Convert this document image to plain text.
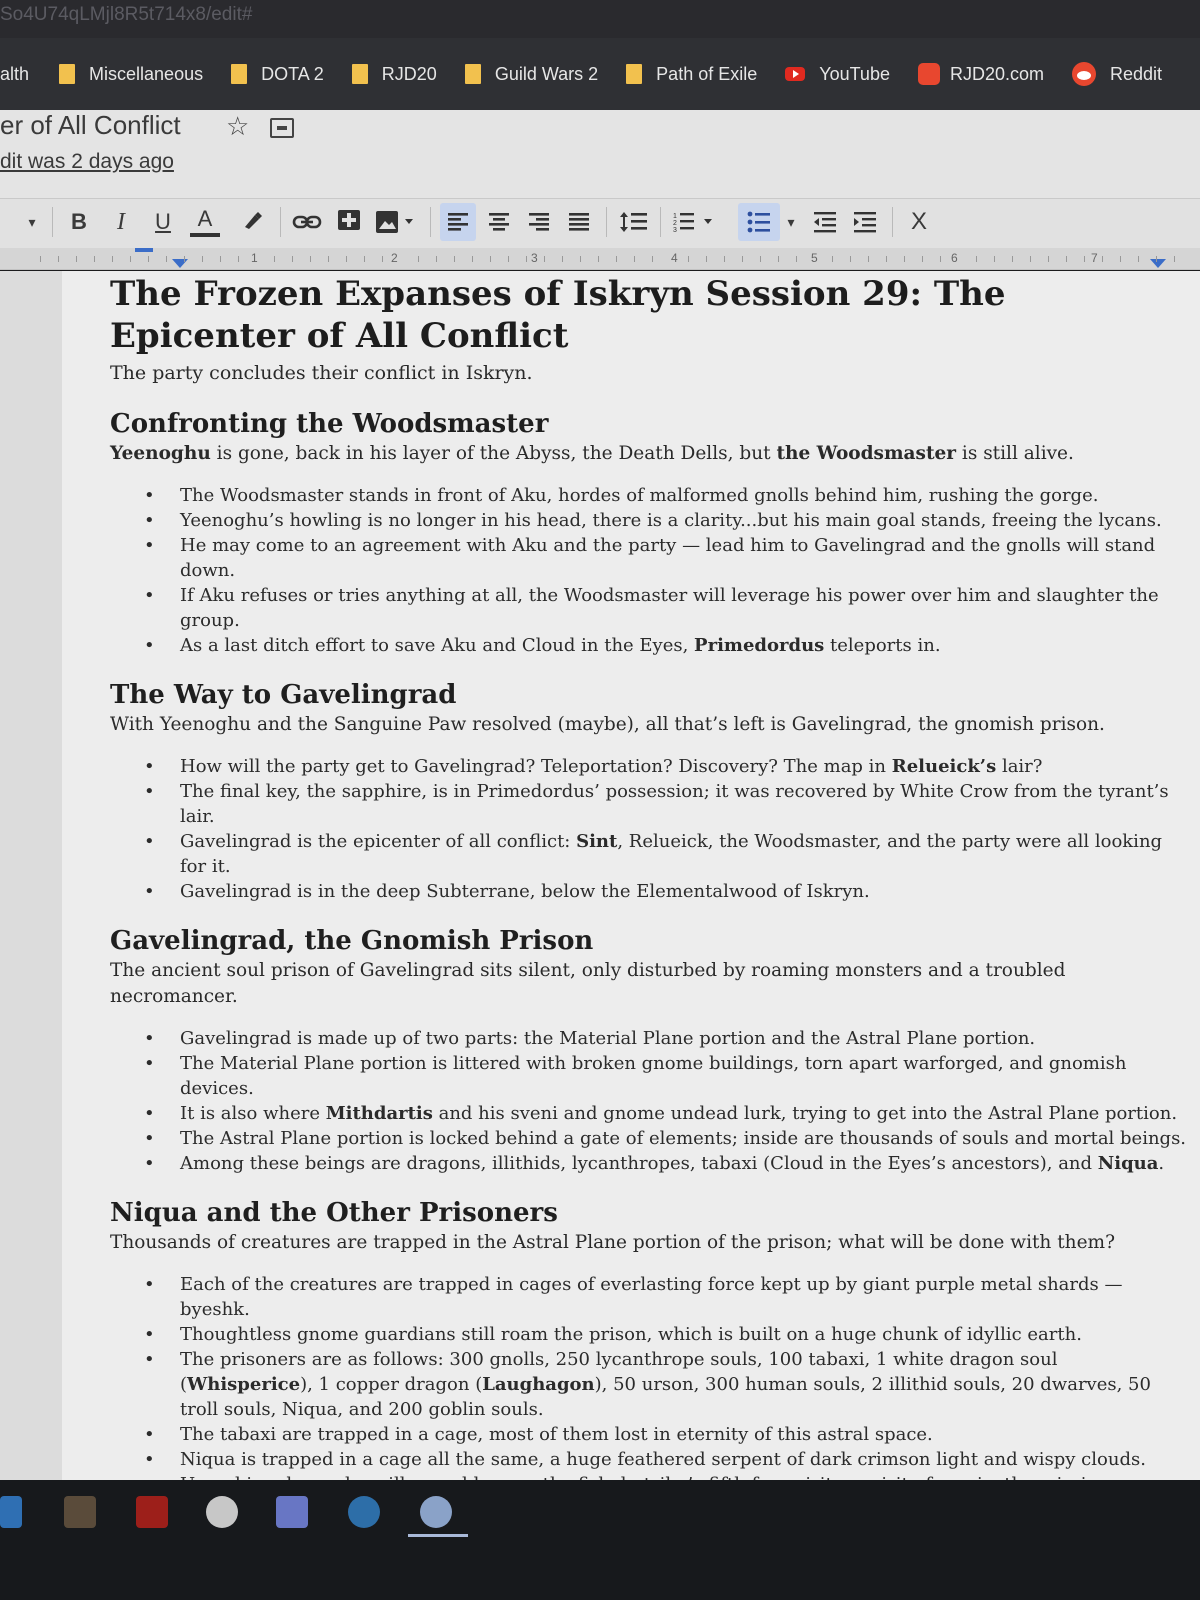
So4U74qLMjl8R5t714x8/edit#
alth	Miscellaneous	DOTA 2	RJD20	Guild Wars 2	Path of Exile	YouTube	RJD20.com	Reddit
er of All Conflict ☆
dit was 2 days ago
▾	B	I	U	A	1
2
3
▾	X
1	2	3	4	5	6	7
The Frozen Expanses of Iskryn Session 29: The Epicenter of All Conflict
The party concludes their conflict in Iskryn.
Confronting the Woodsmaster

Yeenoghu is gone, back in his layer of the Abyss, the Death Dells, but the Woodsmaster is still alive.

• The Woodsmaster stands in front of Aku, hordes of malformed gnolls behind him, rushing the gorge.
• Yeenoghu’s howling is no longer in his head, there is a clarity...but his main goal stands, freeing the lycans.
• He may come to an agreement with Aku and the party — lead him to Gavelingrad and the gnolls will stand down.
• If Aku refuses or tries anything at all, the Woodsmaster will leverage his power over him and slaughter the group.
• As a last ditch effort to save Aku and Cloud in the Eyes, Primedordus teleports in.
The Way to Gavelingrad

With Yeenoghu and the Sanguine Paw resolved (maybe), all that’s left is Gavelingrad, the gnomish prison.

• How will the party get to Gavelingrad? Teleportation? Discovery? The map in Relueick’s lair?
• The final key, the sapphire, is in Primedordus’ possession; it was recovered by White Crow from the tyrant’s lair.
• Gavelingrad is the epicenter of all conflict: Sint, Relueick, the Woodsmaster, and the party were all looking for it.
• Gavelingrad is in the deep Subterrane, below the Elementalwood of Iskryn.
Gavelingrad, the Gnomish Prison

The ancient soul prison of Gavelingrad sits silent, only disturbed by roaming monsters and a troubled necromancer.

• Gavelingrad is made up of two parts: the Material Plane portion and the Astral Plane portion.
• The Material Plane portion is littered with broken gnome buildings, torn apart warforged, and gnomish devices.
• It is also where Mithdartis and his sveni and gnome undead lurk, trying to get into the Astral Plane portion.
• The Astral Plane portion is locked behind a gate of elements; inside are thousands of souls and mortal beings.
• Among these beings are dragons, illithids, lycanthropes, tabaxi (Cloud in the Eyes’s ancestors), and Niqua.
Niqua and the Other Prisoners

Thousands of creatures are trapped in the Astral Plane portion of the prison; what will be done with them?

• Each of the creatures are trapped in cages of everlasting force kept up by giant purple metal shards — byeshk.
• Thoughtless gnome guardians still roam the prison, which is built on a huge chunk of idyllic earth.
• The prisoners are as follows: 300 gnolls, 250 lycanthrope souls, 100 tabaxi, 1 white dragon soul (Whisperice), 1 copper dragon (Laughagon), 50 urson, 300 human souls, 2 illithid souls, 20 dwarves, 50 troll souls, Niqua, and 200 goblin souls.
• The tabaxi are trapped in a cage, most of them lost in eternity of this astral space.
• Niqua is trapped in a cage all the same, a huge feathered serpent of dark crimson light and wispy clouds.
•
•
•
